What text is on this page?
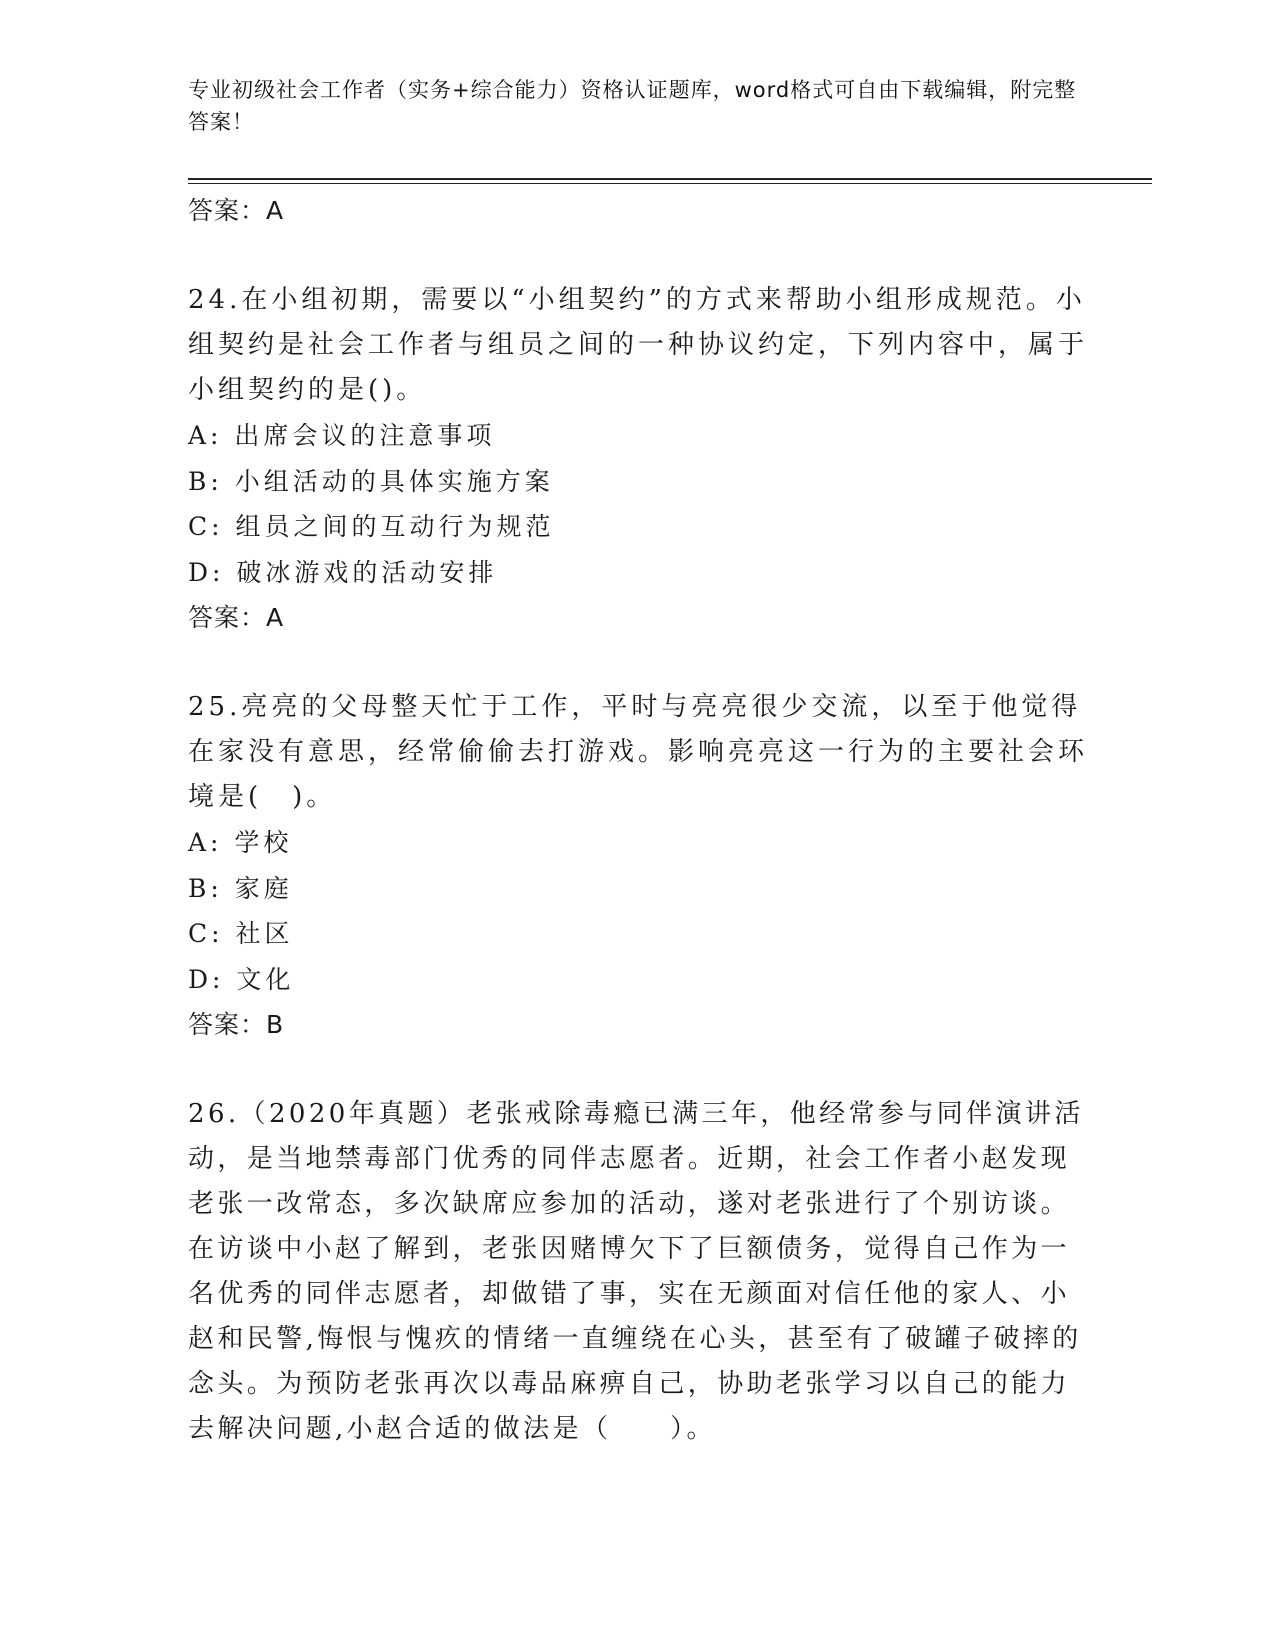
专业初级社会工作者（实务+综合能力）资格认证题库，word格式可自由下载编辑，附完整答案！

答案：A

24.在小组初期，需要以“小组契约”的方式来帮助小组形成规范。小组契约是社会工作者与组员之间的一种协议约定，下列内容中，属于小组契约的是()。

A: 出席会议的注意事项

B: 小组活动的具体实施方案

C: 组员之间的互动行为规范

D: 破冰游戏的活动安排

答案：A

25.亮亮的父母整天忙于工作，平时与亮亮很少交流，以至于他觉得在家没有意思，经常偷偷去打游戏。影响亮亮这一行为的主要社会环境是(　)。

A: 学校

B: 家庭

C: 社区

D: 文化

答案：B

26.（2020年真题）老张戒除毒瘾已满三年，他经常参与同伴演讲活动，是当地禁毒部门优秀的同伴志愿者。近期，社会工作者小赵发现老张一改常态，多次缺席应参加的活动，遂对老张进行了个别访谈。在访谈中小赵了解到，老张因赌博欠下了巨额债务，觉得自己作为一名优秀的同伴志愿者，却做错了事，实在无颜面对信任他的家人、小赵和民警,悔恨与愧疚的情绪一直缠绕在心头，甚至有了破罐子破摔的念头。为预防老张再次以毒品麻痹自己，协助老张学习以自己的能力去解决问题,小赵合适的做法是（　　）。
